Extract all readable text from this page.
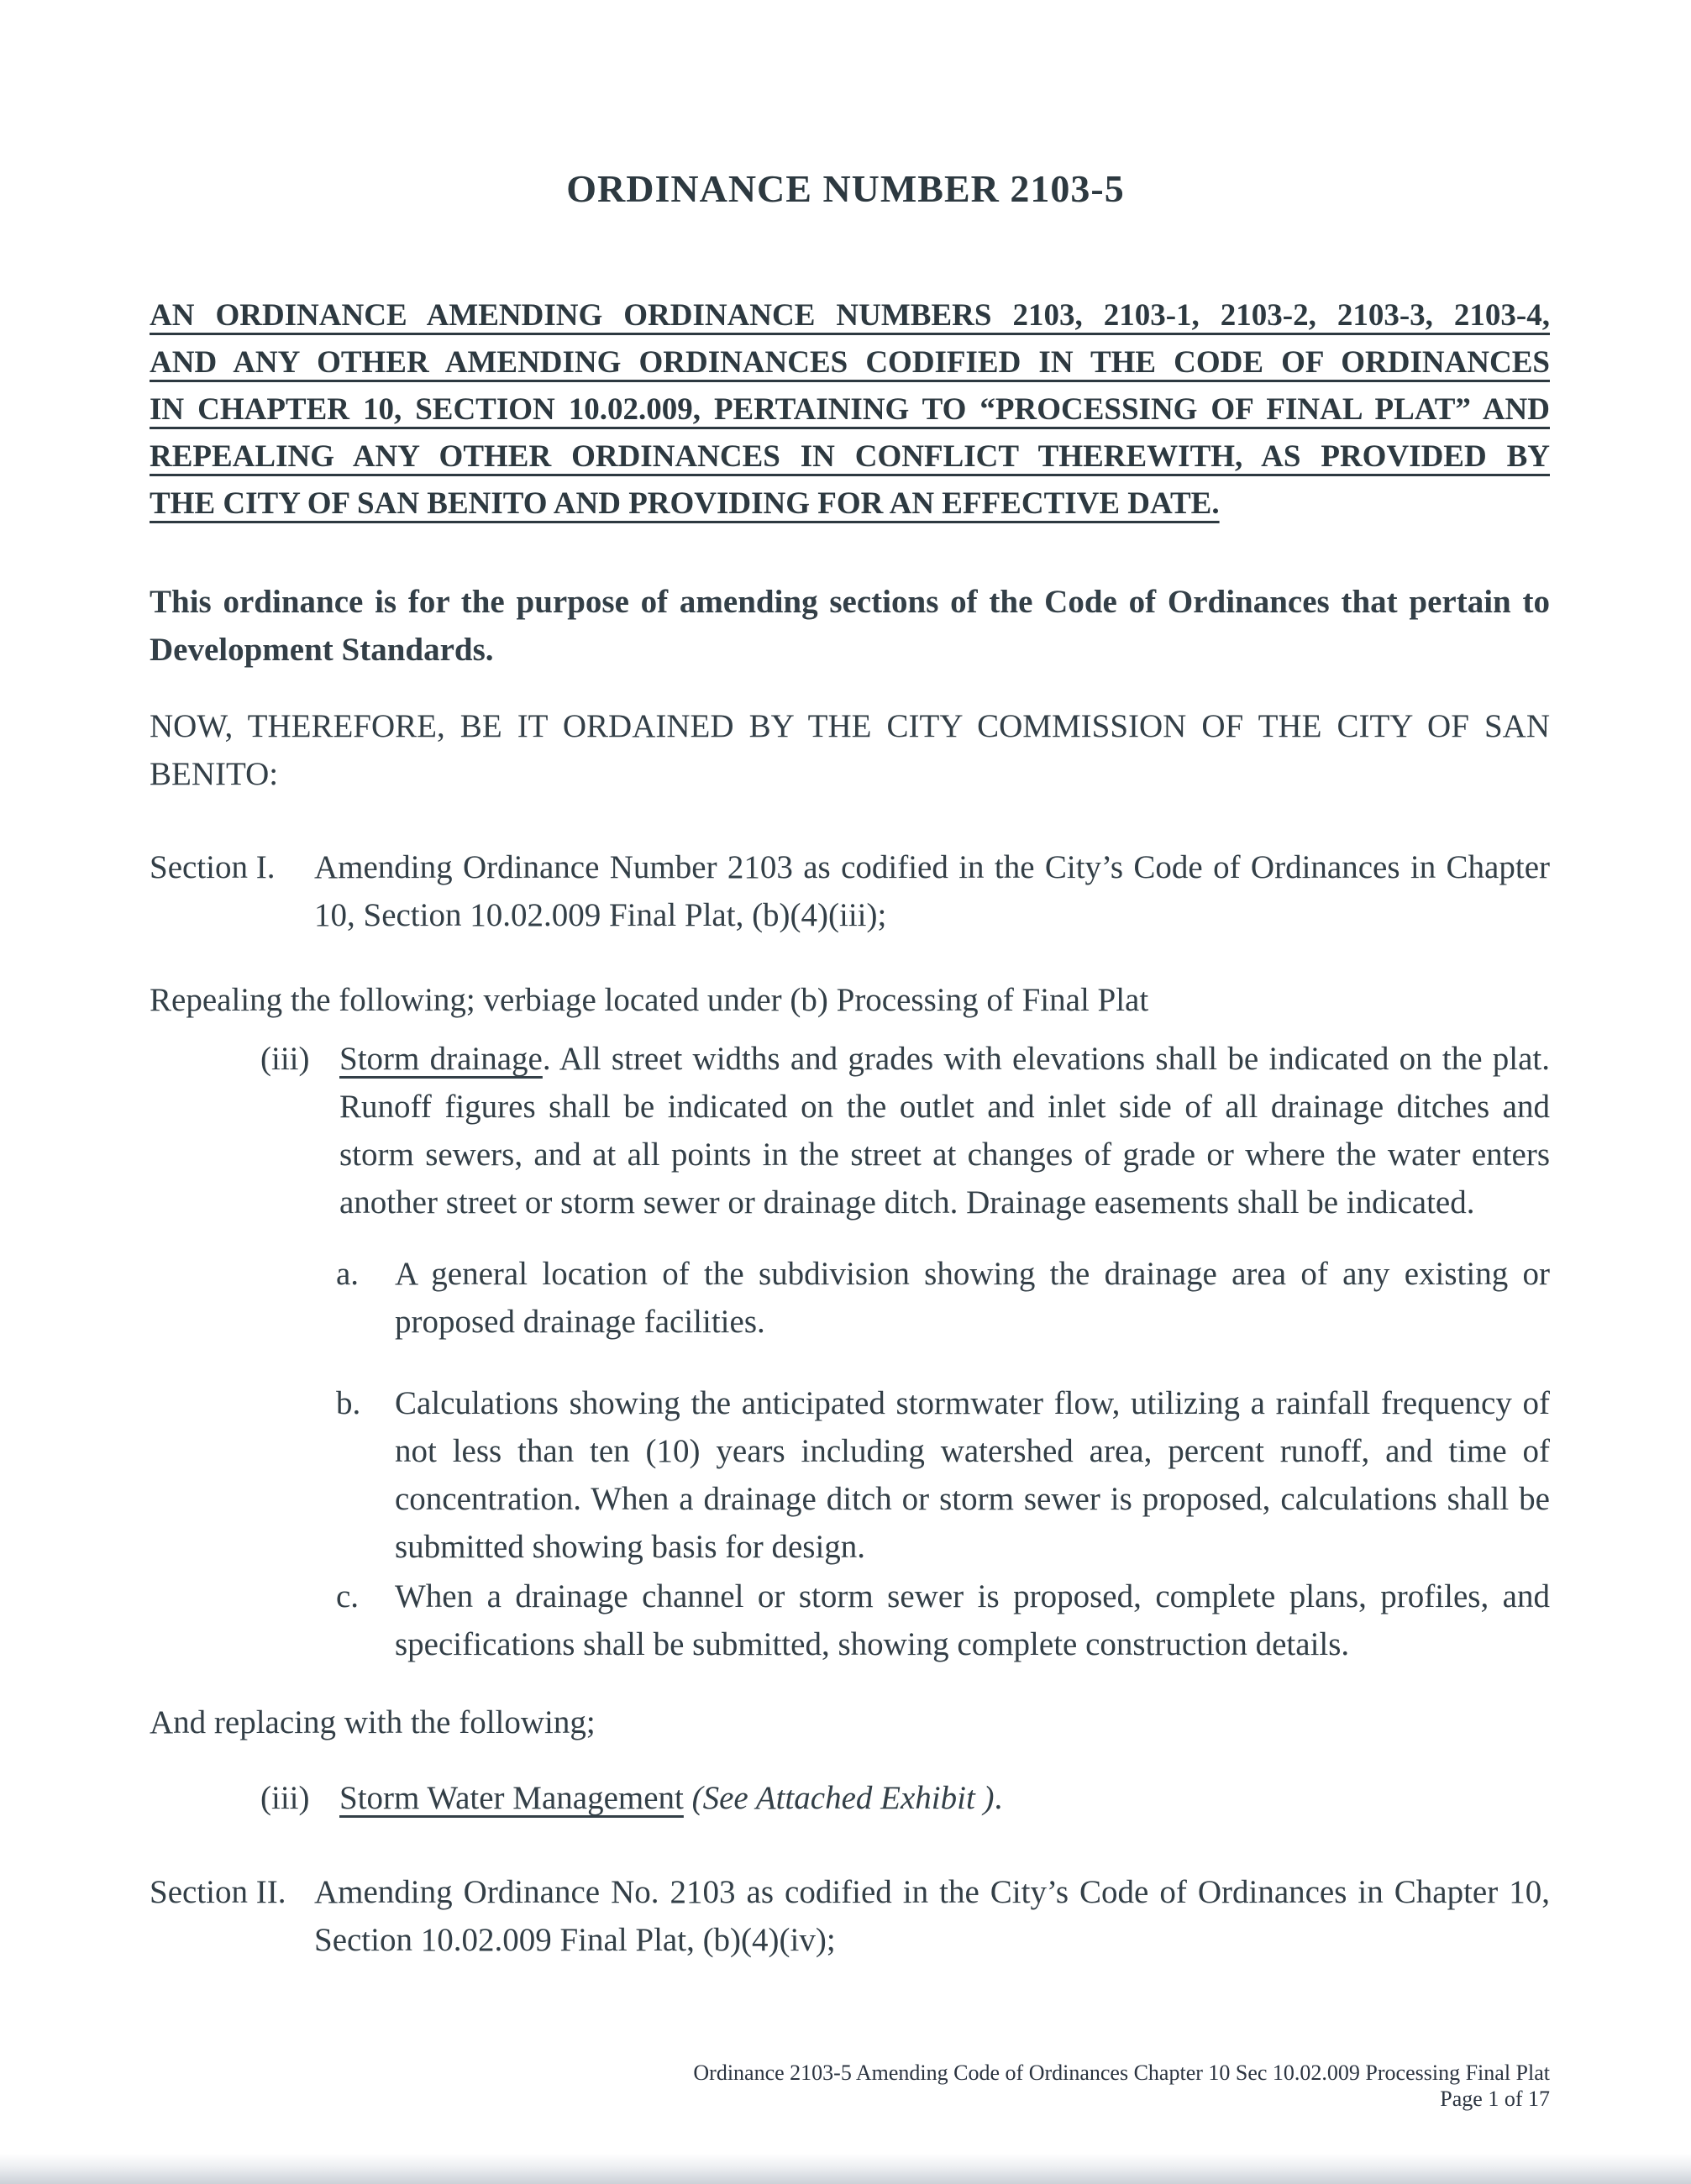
ORDINANCE NUMBER 2103-5
AN ORDINANCE AMENDING ORDINANCE NUMBERS 2103, 2103-1, 2103-2, 2103-3, 2103-4,
AND ANY OTHER AMENDING ORDINANCES CODIFIED IN THE CODE OF ORDINANCES
IN CHAPTER 10, SECTION 10.02.009, PERTAINING TO “PROCESSING OF FINAL PLAT” AND
REPEALING ANY OTHER ORDINANCES IN CONFLICT THEREWITH, AS PROVIDED BY
THE CITY OF SAN BENITO AND PROVIDING FOR AN EFFECTIVE DATE.

This ordinance is for the purpose of amending sections of the Code of Ordinances that pertain to Development Standards.

NOW, THEREFORE, BE IT ORDAINED BY THE CITY COMMISSION OF THE CITY OF SAN BENITO:

Section I. Amending Ordinance Number 2103 as codified in the City’s Code of Ordinances in Chapter 10, Section 10.02.009 Final Plat, (b)(4)(iii);

Repealing the following; verbiage located under (b) Processing of Final Plat

(iii) Storm drainage. All street widths and grades with elevations shall be indicated on the plat. Runoff figures shall be indicated on the outlet and inlet side of all drainage ditches and storm sewers, and at all points in the street at changes of grade or where the water enters another street or storm sewer or drainage ditch. Drainage easements shall be indicated.
a. A general location of the subdivision showing the drainage area of any existing or proposed drainage facilities.
b. Calculations showing the anticipated stormwater flow, utilizing a rainfall frequency of not less than ten (10) years including watershed area, percent runoff, and time of concentration. When a drainage ditch or storm sewer is proposed, calculations shall be submitted showing basis for design.
c. When a drainage channel or storm sewer is proposed, complete plans, profiles, and specifications shall be submitted, showing complete construction details.

And replacing with the following;

(iii) Storm Water Management (See Attached Exhibit ).
Section II. Amending Ordinance No. 2103 as codified in the City’s Code of Ordinances in Chapter 10, Section 10.02.009 Final Plat, (b)(4)(iv);
Ordinance 2103-5 Amending Code of Ordinances Chapter 10 Sec 10.02.009 Processing Final Plat
Page 1 of 17
